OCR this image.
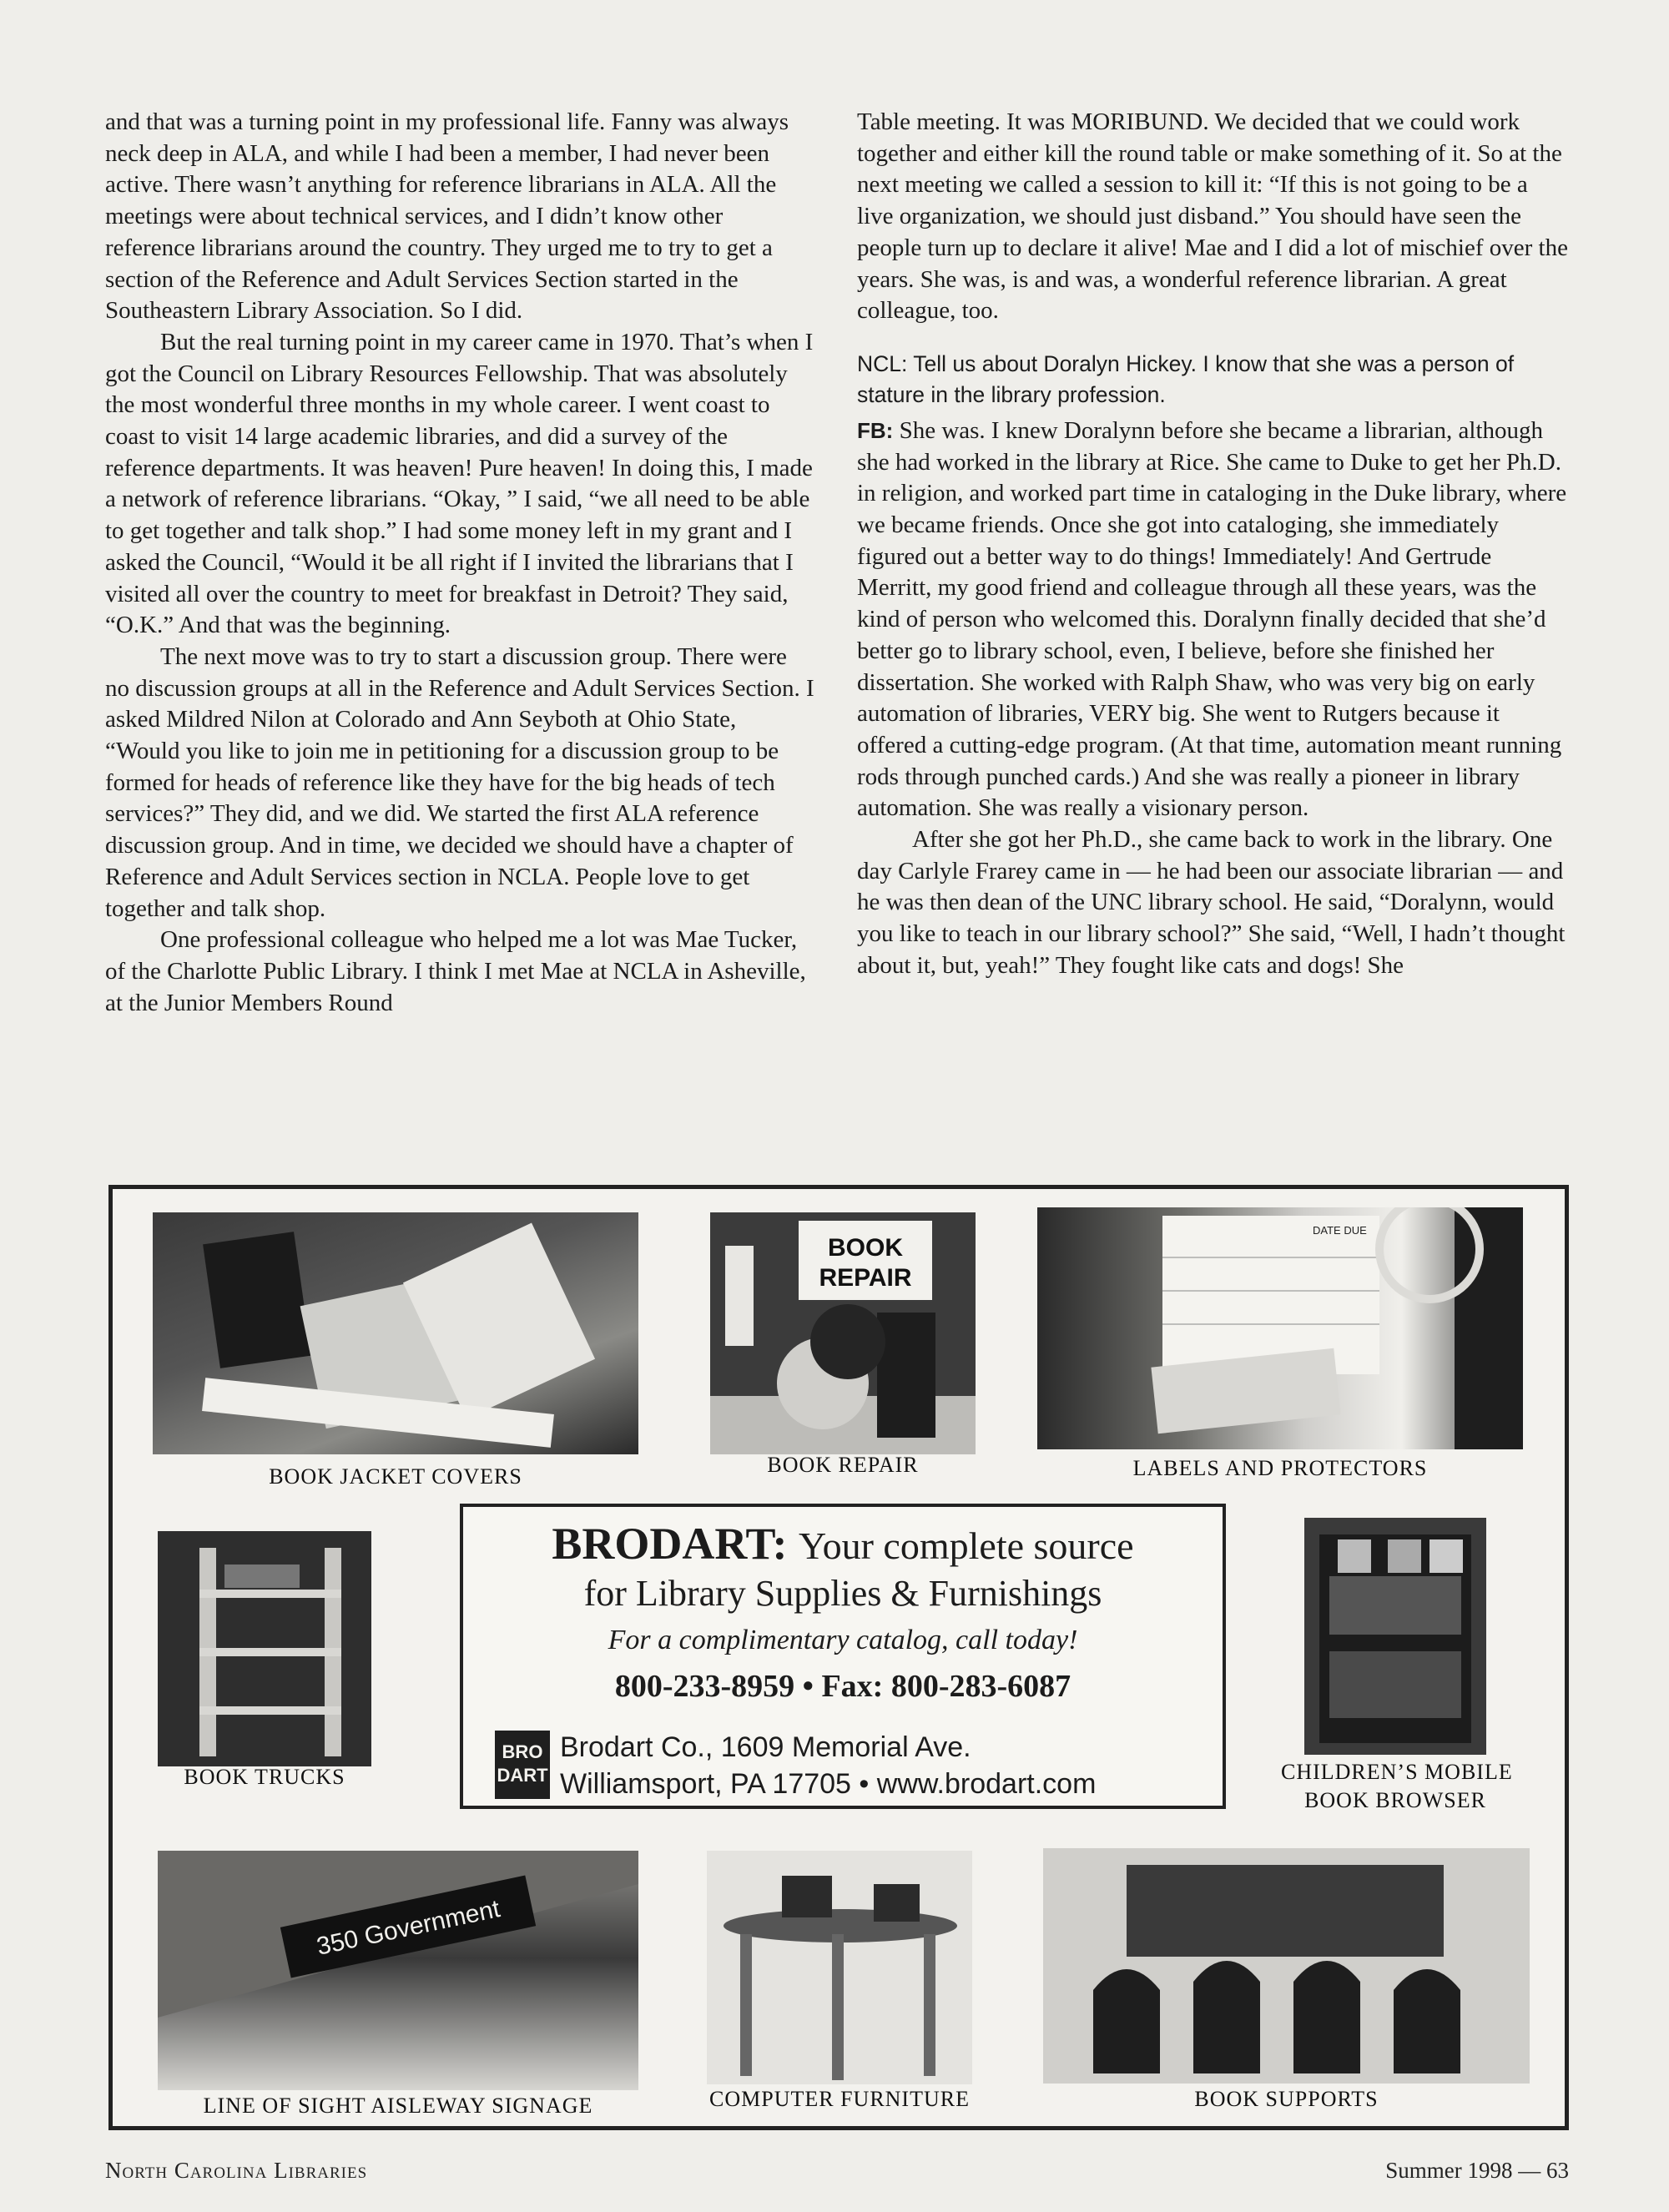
and that was a turning point in my professional life. Fanny was always neck deep in ALA, and while I had been a member, I had never been active. There wasn’t anything for reference librarians in ALA. All the meetings were about technical services, and I didn’t know other reference librarians around the country. They urged me to try to get a section of the Reference and Adult Services Section started in the Southeastern Library Association. So I did.

But the real turning point in my career came in 1970. That’s when I got the Council on Library Resources Fellowship. That was absolutely the most wonderful three months in my whole career. I went coast to coast to visit 14 large academic libraries, and did a survey of the reference departments. It was heaven! Pure heaven! In doing this, I made a network of reference librarians. “Okay, ” I said, “we all need to be able to get together and talk shop.” I had some money left in my grant and I asked the Council, “Would it be all right if I invited the librarians that I visited all over the country to meet for breakfast in Detroit? They said, “O.K.” And that was the beginning.

The next move was to try to start a discussion group. There were no discussion groups at all in the Reference and Adult Services Section. I asked Mildred Nilon at Colorado and Ann Seyboth at Ohio State, “Would you like to join me in petitioning for a discussion group to be formed for heads of reference like they have for the big heads of tech services?” They did, and we did. We started the first ALA reference discussion group. And in time, we decided we should have a chapter of Reference and Adult Services section in NCLA. People love to get together and talk shop.

One professional colleague who helped me a lot was Mae Tucker, of the Charlotte Public Library. I think I met Mae at NCLA in Asheville, at the Junior Members Round

Table meeting. It was MORIBUND. We decided that we could work together and either kill the round table or make something of it. So at the next meeting we called a session to kill it: “If this is not going to be a live organization, we should just disband.” You should have seen the people turn up to declare it alive! Mae and I did a lot of mischief over the years. She was, is and was, a wonderful reference librarian. A great colleague, too.

NCL: Tell us about Doralyn Hickey. I know that she was a person of stature in the library profession.

FB: She was. I knew Doralynn before she became a librarian, although she had worked in the library at Rice. She came to Duke to get her Ph.D. in religion, and worked part time in cataloging in the Duke library, where we became friends. Once she got into cataloging, she immediately figured out a better way to do things! Immediately! And Gertrude Merritt, my good friend and colleague through all these years, was the kind of person who welcomed this. Doralynn finally decided that she’d better go to library school, even, I believe, before she finished her dissertation. She worked with Ralph Shaw, who was very big on early automation of libraries, VERY big. She went to Rutgers because it offered a cutting-edge program. (At that time, automation meant running rods through punched cards.) And she was really a pioneer in library automation. She was really a visionary person.

After she got her Ph.D., she came back to work in the library. One day Carlyle Frarey came in — he had been our associate librarian — and he was then dean of the UNC library school. He said, “Doralynn, would you like to teach in our library school?” She said, “Well, I hadn’t thought about it, but, yeah!” They fought like cats and dogs! She

BOOK JACKET COVERS
BOOK
REPAIR
BOOK REPAIR
DATE DUE
LABELS AND PROTECTORS
BOOK TRUCKS
BRODART: Your complete source
for Library Supplies & Furnishings
For a complimentary catalog, call today!
800-233-8959 • Fax: 800-283-6087
BRO
DART
Brodart Co., 1609 Memorial Ave.
Williamsport, PA 17705 • www.brodart.com	CHILDREN’S MOBILE
BOOK BROWSER
350 Government
LINE OF SIGHT AISLEWAY SIGNAGE	COMPUTER FURNITURE	BOOK SUPPORTS
North Carolina Libraries	Summer 1998 — 63
